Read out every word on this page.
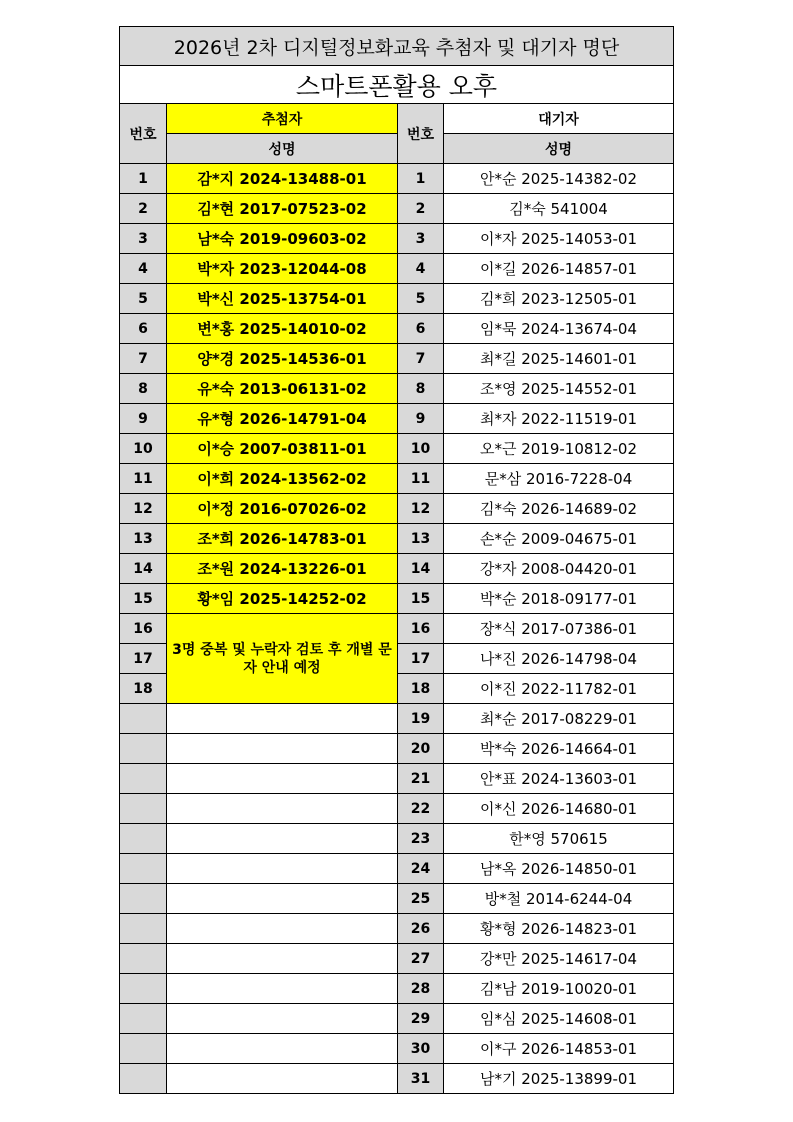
2026년 2차 디지털정보화교육 추첨자 및 대기자 명단			
스마트폰활용 오후			
번호	추첨자	번호	대기자
	성명		성명
1	감*지 2024-13488-01	1	안*순 2025-14382-02
2	김*현 2017-07523-02	2	김*숙 541004
3	남*숙 2019-09603-02	3	이*자 2025-14053-01
4	박*자 2023-12044-08	4	이*길 2026-14857-01
5	박*신 2025-13754-01	5	김*희 2023-12505-01
6	변*홍 2025-14010-02	6	임*묵 2024-13674-04
7	양*경 2025-14536-01	7	최*길 2025-14601-01
8	유*숙 2013-06131-02	8	조*영 2025-14552-01
9	유*형 2026-14791-04	9	최*자 2022-11519-01
10	이*승 2007-03811-01	10	오*근 2019-10812-02
11	이*희 2024-13562-02	11	문*삼 2016-7228-04
12	이*정 2016-07026-02	12	김*숙 2026-14689-02
13	조*희 2026-14783-01	13	손*순 2009-04675-01
14	조*원 2024-13226-01	14	강*자 2008-04420-01
15	황*임 2025-14252-02	15	박*순 2018-09177-01
16	3명 중복 및 누락자 검토 후 개별 문자 안내 예정	16	장*식 2017-07386-01
17		17	나*진 2026-14798-04
18		18	이*진 2022-11782-01
		19	최*순 2017-08229-01
		20	박*숙 2026-14664-01
		21	안*표 2024-13603-01
		22	이*신 2026-14680-01
		23	한*영 570615
		24	남*옥 2026-14850-01
		25	방*철 2014-6244-04
		26	황*형 2026-14823-01
		27	강*만 2025-14617-04
		28	김*남 2019-10020-01
		29	임*심 2025-14608-01
		30	이*구 2026-14853-01
		31	남*기 2025-13899-01
